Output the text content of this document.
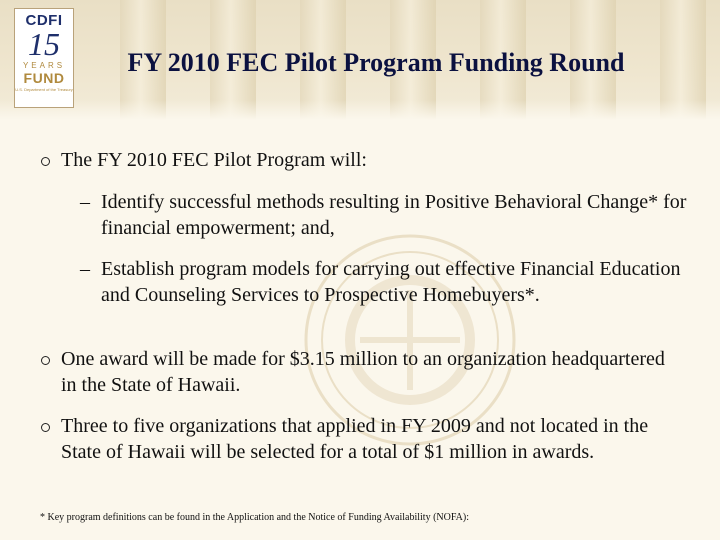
CDFI
15
YEARS
FUND
U.S. Department of the Treasury
FY 2010 FEC Pilot Program Funding Round
The FY 2010 FEC Pilot Program will:
– Identify successful methods resulting in Positive Behavioral Change* for financial empowerment; and,
– Establish program models for carrying out effective Financial Education and Counseling Services to Prospective Homebuyers*.
One award will be made for $3.15 million to an organization headquartered in the State of Hawaii.
Three to five organizations that applied in FY 2009 and not located in the State of Hawaii will be selected for a total of $1 million in awards.
* Key program definitions can be found in the Application and the Notice of Funding Availability (NOFA):
